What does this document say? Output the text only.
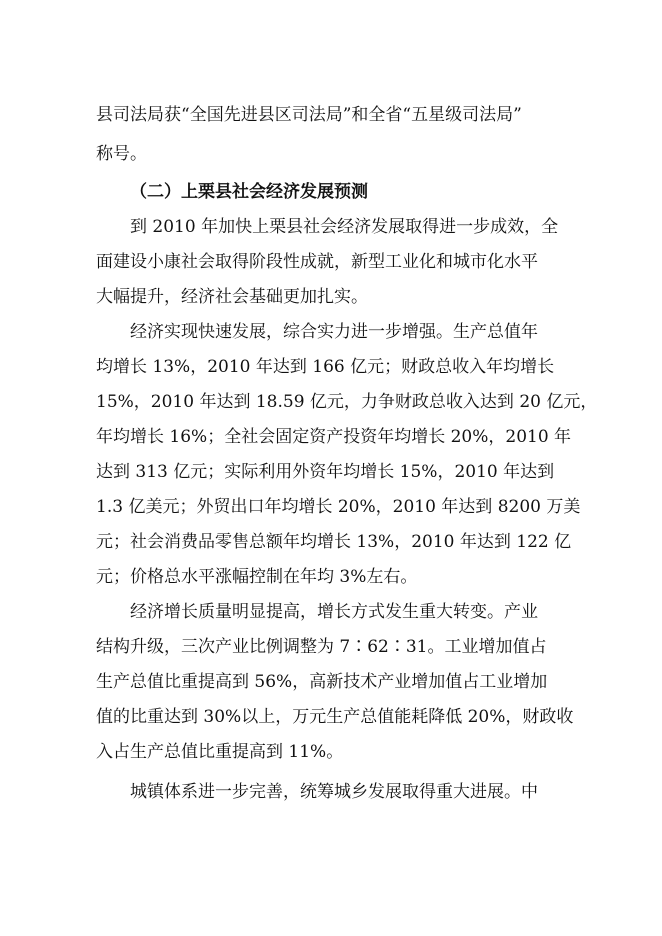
县司法局获“全国先进县区司法局”和全省“五星级司法局”

称号。

（二）上栗县社会经济发展预测

到 2010 年加快上栗县社会经济发展取得进一步成效，全

面建设小康社会取得阶段性成就，新型工业化和城市化水平

大幅提升，经济社会基础更加扎实。

经济实现快速发展，综合实力进一步增强。生产总值年

均增长 13%，2010 年达到 166 亿元；财政总收入年均增长

15%，2010 年达到 18.59 亿元，力争财政总收入达到 20 亿元，

年均增长 16%；全社会固定资产投资年均增长 20%，2010 年

达到 313 亿元；实际利用外资年均增长 15%，2010 年达到

1.3 亿美元；外贸出口年均增长 20%，2010 年达到 8200 万美

元；社会消费品零售总额年均增长 13%，2010 年达到 122 亿

元；价格总水平涨幅控制在年均 3%左右。

经济增长质量明显提高，增长方式发生重大转变。产业

结构升级，三次产业比例调整为 7∶62∶31。工业增加值占

生产总值比重提高到 56%，高新技术产业增加值占工业增加

值的比重达到 30%以上，万元生产总值能耗降低 20%，财政收

入占生产总值比重提高到 11%。

城镇体系进一步完善，统筹城乡发展取得重大进展。中
